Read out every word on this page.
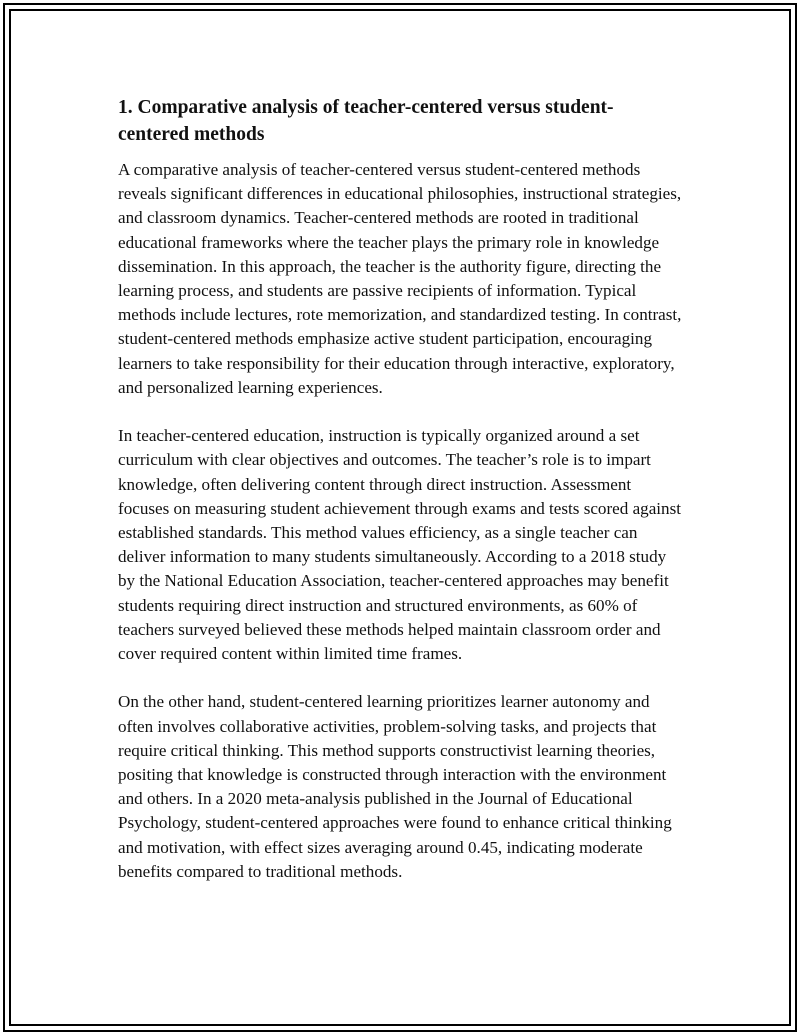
1. Comparative analysis of teacher-centered versus student-centered methods

A comparative analysis of teacher-centered versus student-centered methods reveals significant differences in educational philosophies, instructional strategies, and classroom dynamics. Teacher-centered methods are rooted in traditional educational frameworks where the teacher plays the primary role in knowledge dissemination. In this approach, the teacher is the authority figure, directing the learning process, and students are passive recipients of information. Typical methods include lectures, rote memorization, and standardized testing. In contrast, student-centered methods emphasize active student participation, encouraging learners to take responsibility for their education through interactive, exploratory, and personalized learning experiences.

In teacher-centered education, instruction is typically organized around a set curriculum with clear objectives and outcomes. The teacher’s role is to impart knowledge, often delivering content through direct instruction. Assessment focuses on measuring student achievement through exams and tests scored against established standards. This method values efficiency, as a single teacher can deliver information to many students simultaneously. According to a 2018 study by the National Education Association, teacher-centered approaches may benefit students requiring direct instruction and structured environments, as 60% of teachers surveyed believed these methods helped maintain classroom order and cover required content within limited time frames.

On the other hand, student-centered learning prioritizes learner autonomy and often involves collaborative activities, problem-solving tasks, and projects that require critical thinking. This method supports constructivist learning theories, positing that knowledge is constructed through interaction with the environment and others. In a 2020 meta-analysis published in the Journal of Educational Psychology, student-centered approaches were found to enhance critical thinking and motivation, with effect sizes averaging around 0.45, indicating moderate benefits compared to traditional methods.
